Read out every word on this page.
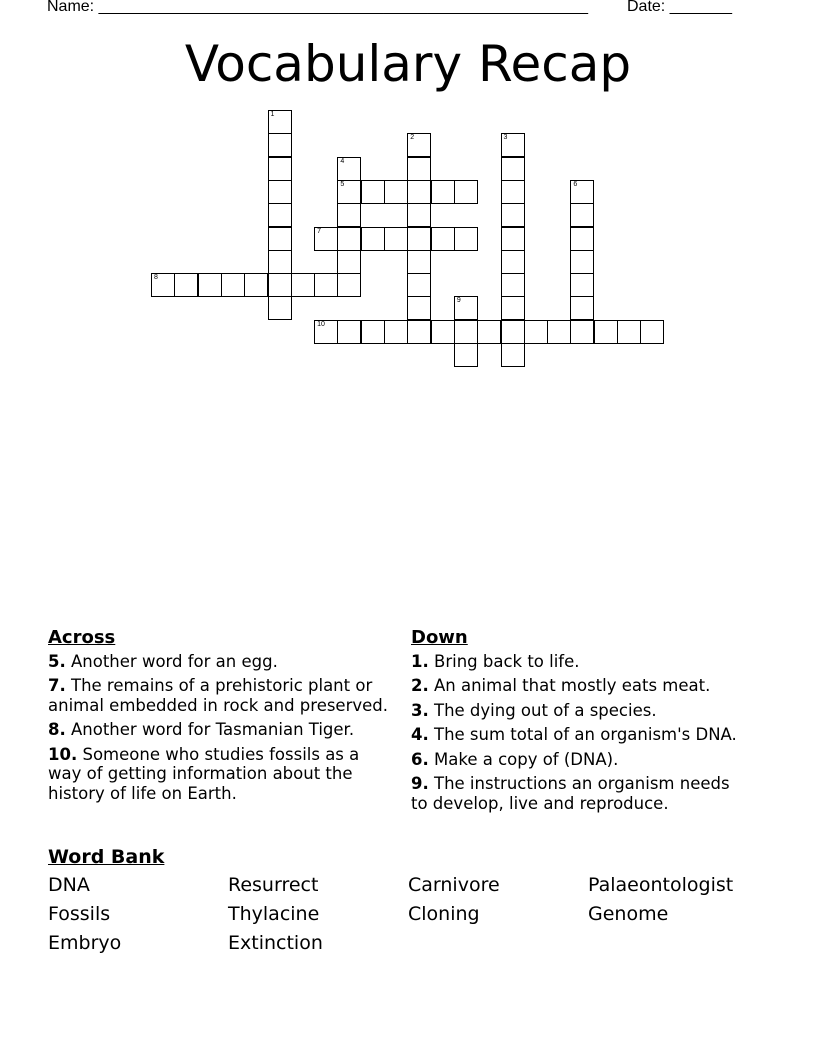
Name: _______________________________________________________ Date: _______
Vocabulary Recap
1
2	3
4
5	6
7
8
9
10
Across
5. Another word for an egg.
7. The remains of a prehistoric plant or animal embedded in rock and preserved.
8. Another word for Tasmanian Tiger.
10. Someone who studies fossils as a way of getting information about the history of life on Earth.
Down
1. Bring back to life.
2. An animal that mostly eats meat.
3. The dying out of a species.
4. The sum total of an organism's DNA.
6. Make a copy of (DNA).
9. The instructions an organism needs to develop, live and reproduce.
Word Bank
DNA	Resurrect	Carnivore	Palaeontologist
Fossils	Thylacine	Cloning	Genome
Embryo	Extinction
